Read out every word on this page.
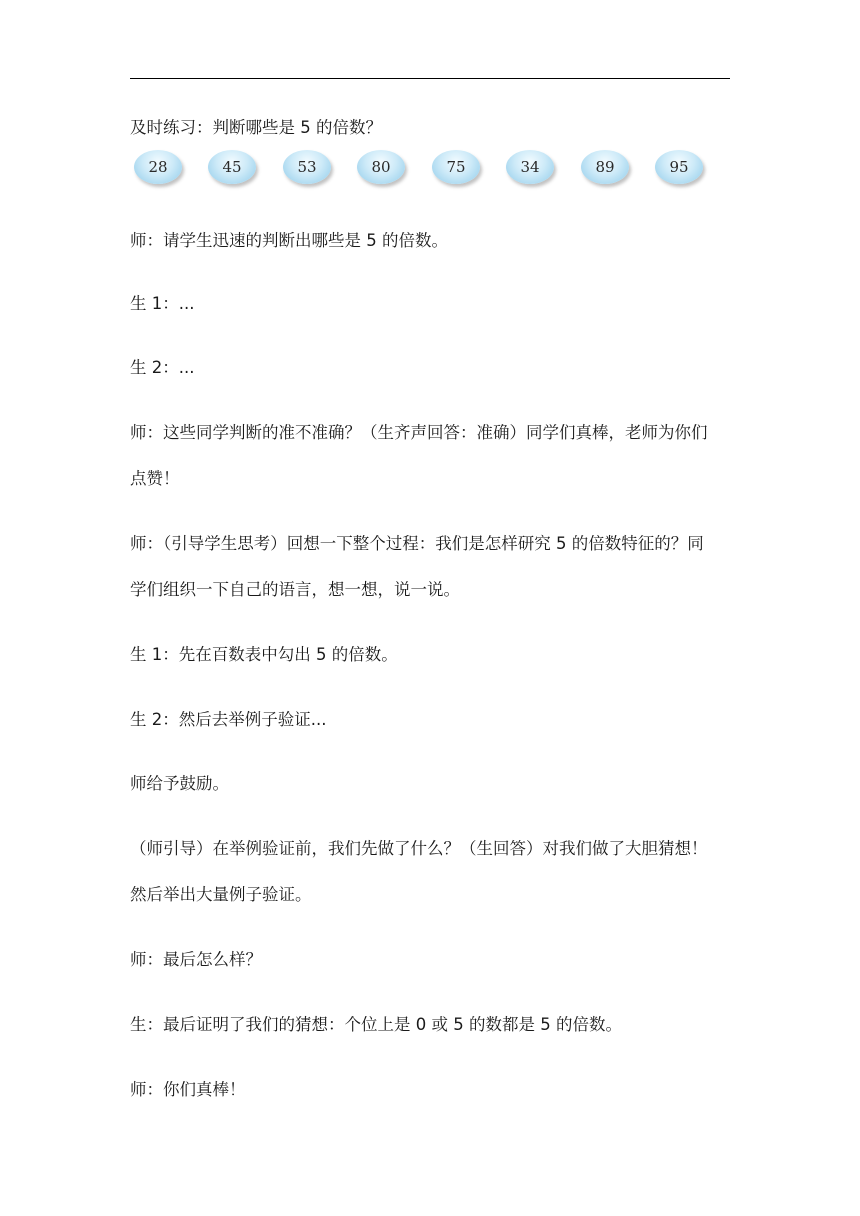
及时练习：判断哪些是 5 的倍数？
28	45	53	80	75	34	89	95
师：请学生迅速的判断出哪些是 5 的倍数。
生 1：...
生 2：...
师：这些同学判断的准不准确？（生齐声回答：准确）同学们真棒，老师为你们
点赞！
师：（引导学生思考）回想一下整个过程：我们是怎样研究 5 的倍数特征的？同
学们组织一下自己的语言，想一想，说一说。
生 1：先在百数表中勾出 5 的倍数。
生 2：然后去举例子验证...
师给予鼓励。
（师引导）在举例验证前，我们先做了什么？（生回答）对我们做了大胆猜想！
然后举出大量例子验证。
师：最后怎么样？
生：最后证明了我们的猜想：个位上是 0 或 5 的数都是 5 的倍数。
师：你们真棒！
